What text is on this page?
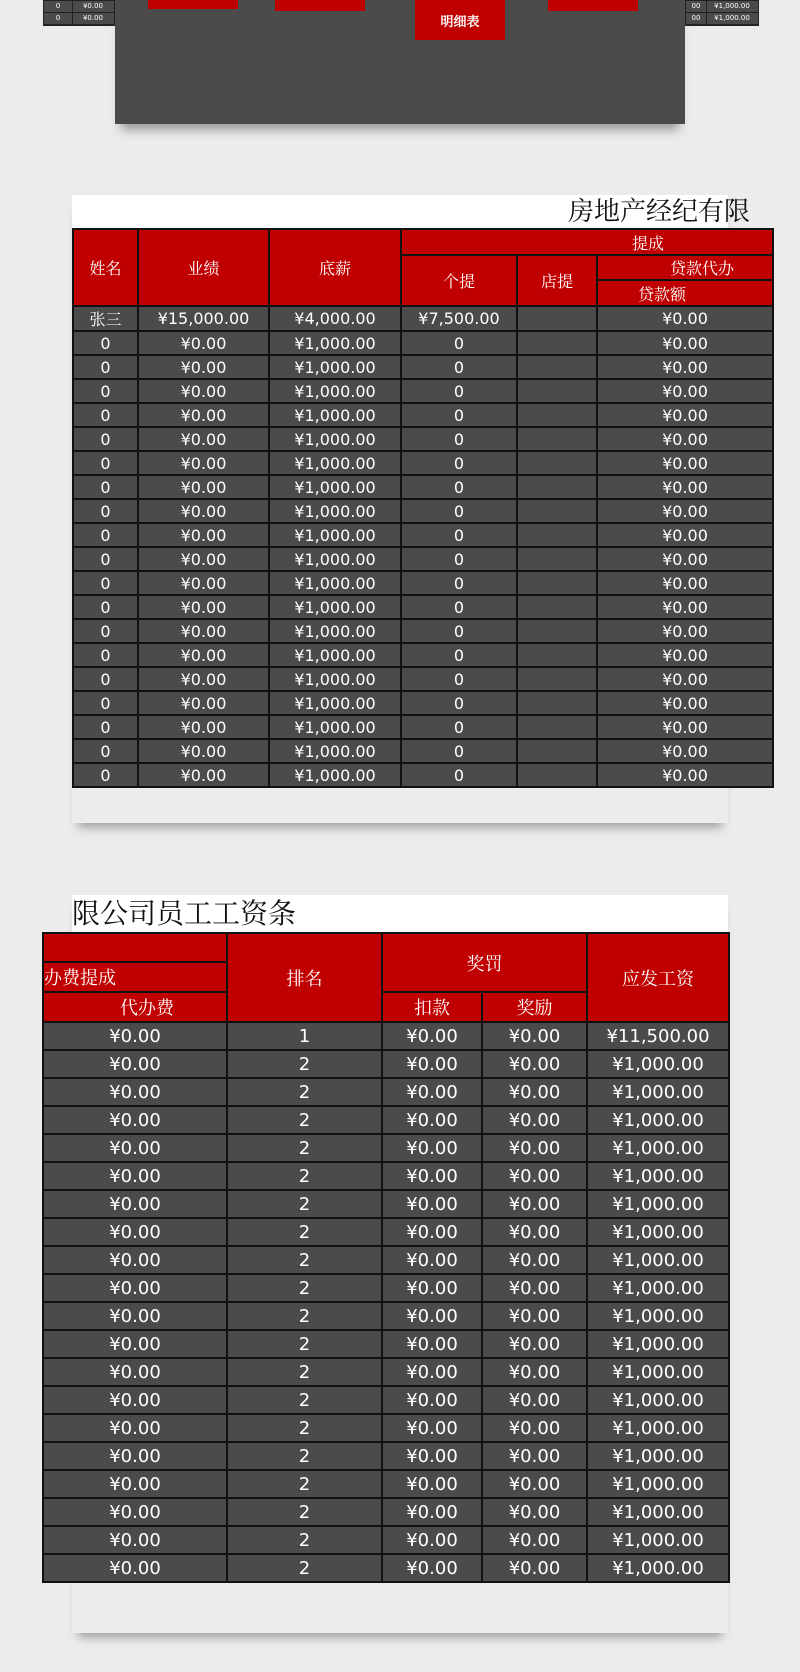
明细表
0	¥0.00
0	¥0.00
00	¥1,000.00
00	¥1,000.00
房地产经纪有限
姓名	业绩	底薪	提成		
			个提	店提	贷款代办
					贷款额
张三	¥15,000.00	¥4,000.00	¥7,500.00		¥0.00
0	¥0.00	¥1,000.00	0		¥0.00
0	¥0.00	¥1,000.00	0		¥0.00
0	¥0.00	¥1,000.00	0		¥0.00
0	¥0.00	¥1,000.00	0		¥0.00
0	¥0.00	¥1,000.00	0		¥0.00
0	¥0.00	¥1,000.00	0		¥0.00
0	¥0.00	¥1,000.00	0		¥0.00
0	¥0.00	¥1,000.00	0		¥0.00
0	¥0.00	¥1,000.00	0		¥0.00
0	¥0.00	¥1,000.00	0		¥0.00
0	¥0.00	¥1,000.00	0		¥0.00
0	¥0.00	¥1,000.00	0		¥0.00
0	¥0.00	¥1,000.00	0		¥0.00
0	¥0.00	¥1,000.00	0		¥0.00
0	¥0.00	¥1,000.00	0		¥0.00
0	¥0.00	¥1,000.00	0		¥0.00
0	¥0.00	¥1,000.00	0		¥0.00
0	¥0.00	¥1,000.00	0		¥0.00
0	¥0.00	¥1,000.00	0		¥0.00
限公司员工工资条
	排名	奖罚		应发工资
办费提成				
代办费		扣款	奖励	
¥0.00	1	¥0.00	¥0.00	¥11,500.00
¥0.00	2	¥0.00	¥0.00	¥1,000.00
¥0.00	2	¥0.00	¥0.00	¥1,000.00
¥0.00	2	¥0.00	¥0.00	¥1,000.00
¥0.00	2	¥0.00	¥0.00	¥1,000.00
¥0.00	2	¥0.00	¥0.00	¥1,000.00
¥0.00	2	¥0.00	¥0.00	¥1,000.00
¥0.00	2	¥0.00	¥0.00	¥1,000.00
¥0.00	2	¥0.00	¥0.00	¥1,000.00
¥0.00	2	¥0.00	¥0.00	¥1,000.00
¥0.00	2	¥0.00	¥0.00	¥1,000.00
¥0.00	2	¥0.00	¥0.00	¥1,000.00
¥0.00	2	¥0.00	¥0.00	¥1,000.00
¥0.00	2	¥0.00	¥0.00	¥1,000.00
¥0.00	2	¥0.00	¥0.00	¥1,000.00
¥0.00	2	¥0.00	¥0.00	¥1,000.00
¥0.00	2	¥0.00	¥0.00	¥1,000.00
¥0.00	2	¥0.00	¥0.00	¥1,000.00
¥0.00	2	¥0.00	¥0.00	¥1,000.00
¥0.00	2	¥0.00	¥0.00	¥1,000.00
